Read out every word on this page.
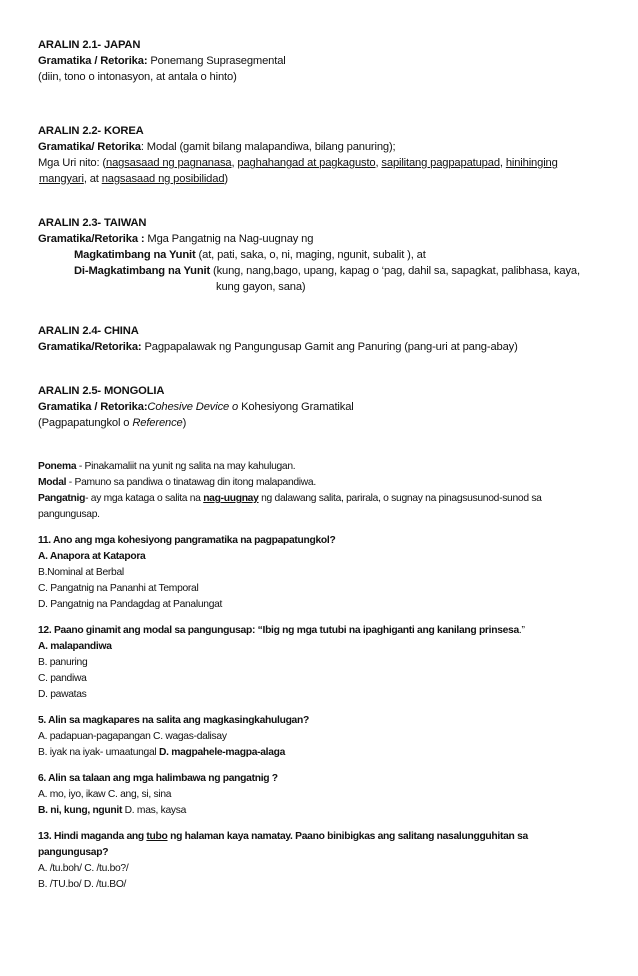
ARALIN 2.1- JAPAN
Gramatika / Retorika: Ponemang Suprasegmental
(diin, tono o intonasyon, at antala o hinto)
ARALIN 2.2- KOREA
Gramatika/ Retorika: Modal (gamit bilang malapandiwa, bilang panuring);
Mga Uri nito: (nagsasaad ng pagnanasa, paghahangad at pagkagusto, sapilitang pagpapatupad, hinihinging
mangyari, at nagsasaad ng posibilidad)
ARALIN 2.3- TAIWAN
Gramatika/Retorika : Mga Pangatnig na Nag-uugnay ng
Magkatimbang na Yunit (at, pati, saka, o, ni, maging, ngunit, subalit ), at
Di-Magkatimbang na Yunit (kung, nang,bago, upang, kapag o ‘pag, dahil sa, sapagkat, palibhasa, kaya,
kung gayon, sana)
ARALIN 2.4- CHINA
Gramatika/Retorika: Pagpapalawak ng Pangungusap Gamit ang Panuring (pang-uri at pang-abay)
ARALIN 2.5- MONGOLIA
Gramatika / Retorika:Cohesive Device o Kohesiyong Gramatikal
(Pagpapatungkol o Reference)
Ponema - Pinakamaliit na yunit ng salita na may kahulugan.
Modal - Pamuno sa pandiwa o tinatawag din itong malapandiwa.
Pangatnig- ay mga kataga o salita na nag-uugnay ng dalawang salita, parirala, o sugnay na pinagsusunod-sunod sa
pangungusap.
11. Ano ang mga kohesiyong pangramatika na pagpapatungkol?
A. Anapora at Katapora
B.Nominal at Berbal
C. Pangatnig na Pananhi at Temporal
D. Pangatnig na Pandagdag at Panalungat
12. Paano ginamit ang modal sa pangungusap: “Ibig ng mga tutubi na ipaghiganti ang kanilang prinsesa.”
A. malapandiwa
B. panuring
C. pandiwa
D. pawatas
5. Alin sa magkapares na salita ang magkasingkahulugan?
A. padapuan-pagapangan C. wagas-dalisay
B. iyak na iyak- umaatungal D. magpahele-magpa-alaga
6. Alin sa talaan ang mga halimbawa ng pangatnig ?
A. mo, iyo, ikaw C. ang, si, sina
B. ni, kung, ngunit D. mas, kaysa
13. Hindi maganda ang tubo ng halaman kaya namatay. Paano binibigkas ang salitang nasalungguhitan sa
pangungusap?
A. /tu.boh/ C. /tu.bo?/
B. /TU.bo/ D. /tu.BO/
